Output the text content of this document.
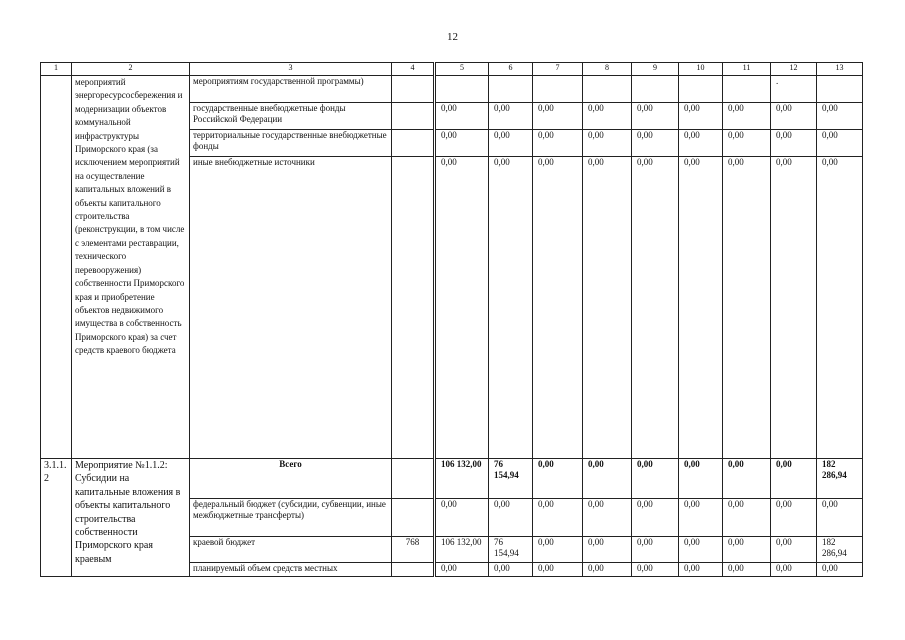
12
1	2	3	4	5	6	7	8	9	10	11	12	13
	мероприятий энергоресурсосбережения и модернизации объектов коммунальной инфраструктуры Приморского края (за исключением мероприятий на осуществление капитальных вложений в объекты капитального строительства (реконструкции, в том числе с элементами реставрации, технического перевооружения) собственности Приморского края и приобретение объектов недвижимого имущества в собственность Приморского края) за счет средств краевого бюджета	мероприятиям государственной программы)									.	
		государственные внебюджетные фонды Российской Федерации		0,00	0,00	0,00	0,00	0,00	0,00	0,00	0,00	0,00
		территориальные государственные внебюджетные фонды		0,00	0,00	0,00	0,00	0,00	0,00	0,00	0,00	0,00
		иные внебюджетные источники		0,00	0,00	0,00	0,00	0,00	0,00	0,00	0,00	0,00
3.1.1.2	Мероприятие №1.1.2: Субсидии на капитальные вложения в объекты капитального строительства собственности Приморского края краевым	Всего		106 132,00	76 154,94	0,00	0,00	0,00	0,00	0,00	0,00	182 286,94
		федеральный бюджет (субсидии, субвенции, иные межбюджетные трансферты)		0,00	0,00	0,00	0,00	0,00	0,00	0,00	0,00	0,00
		краевой бюджет	768	106 132,00	76 154,94	0,00	0,00	0,00	0,00	0,00	0,00	182 286,94
		планируемый объем средств местных		0,00	0,00	0,00	0,00	0,00	0,00	0,00	0,00	0,00
